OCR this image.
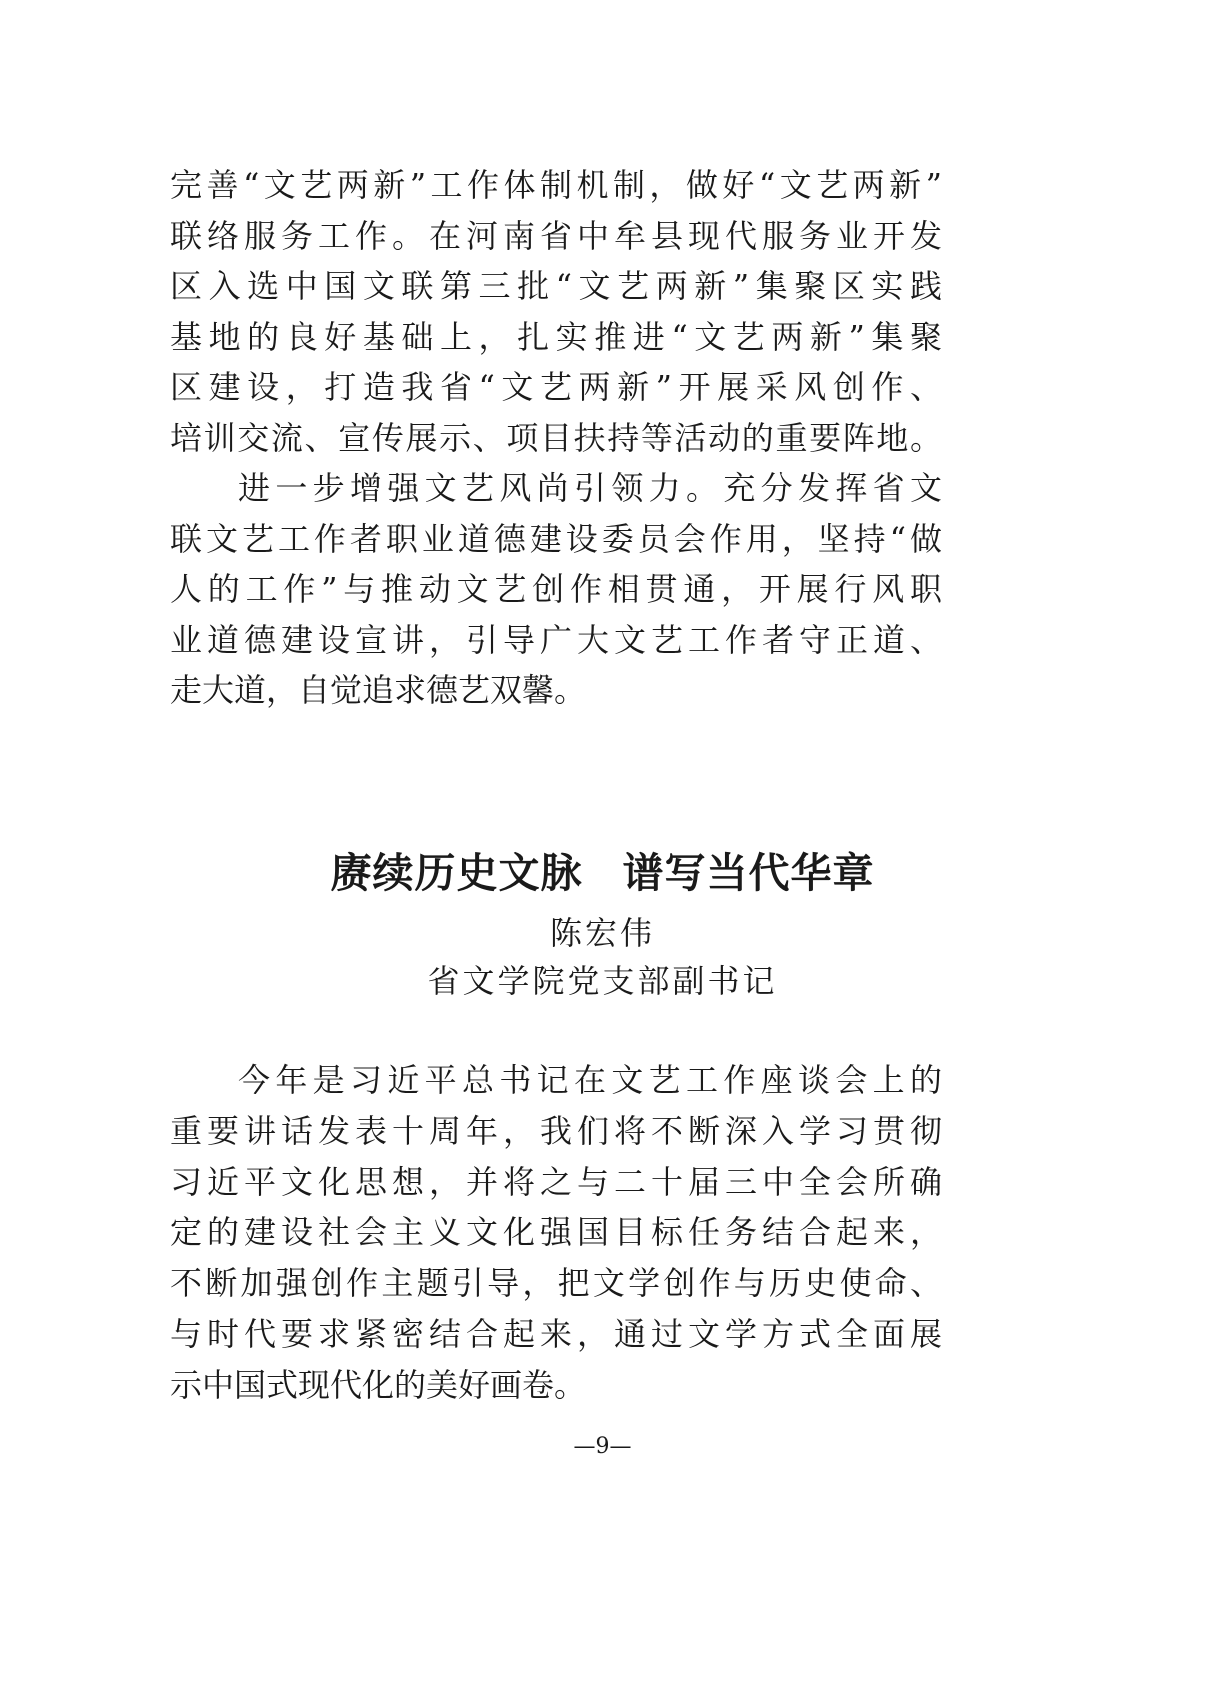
完善“文艺两新”工作体制机制，做好“文艺两新”
联络服务工作。在河南省中牟县现代服务业开发
区入选中国文联第三批“文艺两新”集聚区实践
基地的良好基础上，扎实推进“文艺两新”集聚
区建设，打造我省“文艺两新”开展采风创作、
培训交流、宣传展示、项目扶持等活动的重要阵地。
进一步增强文艺风尚引领力。充分发挥省文
联文艺工作者职业道德建设委员会作用，坚持“做
人的工作”与推动文艺创作相贯通，开展行风职
业道德建设宣讲，引导广大文艺工作者守正道、
走大道，自觉追求德艺双馨。
赓续历史文脉 谱写当代华章
陈宏伟
省文学院党支部副书记
今年是习近平总书记在文艺工作座谈会上的
重要讲话发表十周年，我们将不断深入学习贯彻
习近平文化思想，并将之与二十届三中全会所确
定的建设社会主义文化强国目标任务结合起来，
不断加强创作主题引导，把文学创作与历史使命、
与时代要求紧密结合起来，通过文学方式全面展
示中国式现代化的美好画卷。
—9—
